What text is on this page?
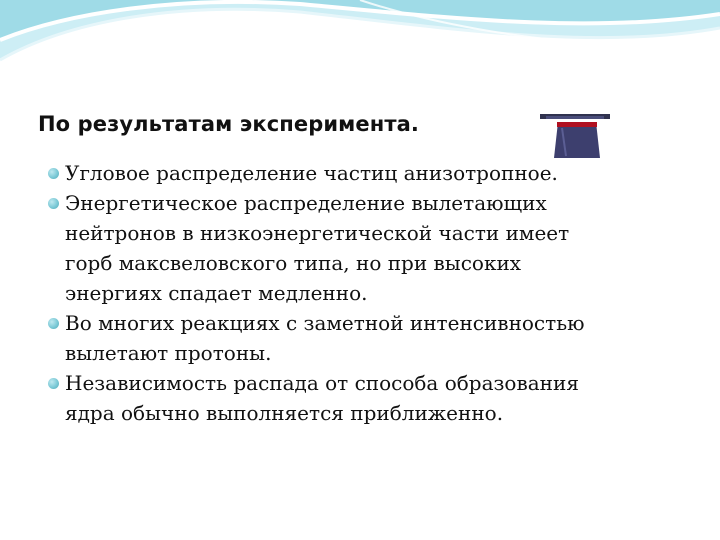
По результатам эксперимента.
Угловое распределение частиц анизотропное.
Энергетическое распределение вылетающих
нейтронов в низкоэнергетической части имеет
горб максвеловского типа, но при высоких
энергиях спадает медленно.
Во многих реакциях с заметной интенсивностью
вылетают протоны.
Независимость распада от способа образования
ядра обычно выполняется приближенно.
